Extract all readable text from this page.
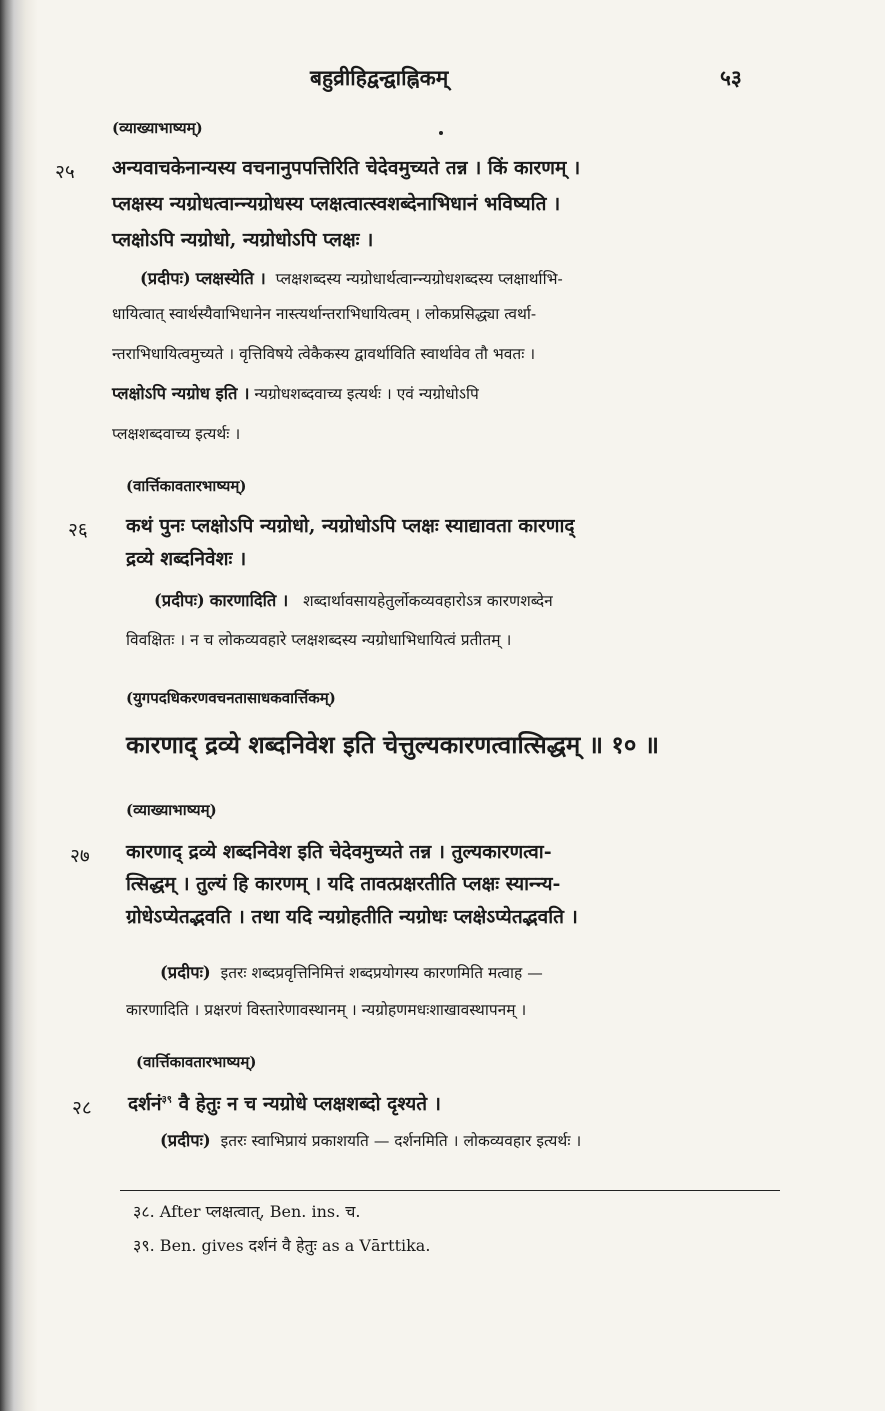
बहुव्रीहिद्वन्द्वाह्निकम्	५३
(व्याख्याभाष्यम्)
२५ अन्यवाचकेनान्यस्य वचनानुपपत्तिरिति चेदेवमुच्यते तन्न । किं कारणम् ।
प्लक्षस्य न्यग्रोधत्वान्न्यग्रोधस्य प्लक्षत्वात्स्वशब्देनाभिधानं भविष्यति ।
प्लक्षोऽपि न्यग्रोधो, न्यग्रोधोऽपि प्लक्षः ।
(प्रदीपः) प्लक्षस्येति । प्लक्षशब्दस्य न्यग्रोधार्थत्वान्न्यग्रोधशब्दस्य प्लक्षार्थाभि-
धायित्वात् स्वार्थस्यैवाभिधानेन नास्त्यर्थान्तराभिधायित्वम् । लोकप्रसिद्ध्या त्वर्था-
न्तराभिधायित्वमुच्यते । वृत्तिविषये त्वेकैकस्य द्वावर्थाविति स्वार्थावेव तौ भवतः ।
प्लक्षोऽपि न्यग्रोध इति । न्यग्रोधशब्दवाच्य इत्यर्थः । एवं न्यग्रोधोऽपि
प्लक्षशब्दवाच्य इत्यर्थः ।
(वार्त्तिकावतारभाष्यम्)
२६ कथं पुनः प्लक्षोऽपि न्यग्रोधो, न्यग्रोधोऽपि प्लक्षः स्याद्यावता कारणाद्
द्रव्ये शब्दनिवेशः ।
(प्रदीपः) कारणादिति । शब्दार्थावसायहेतुर्लोकव्यवहारोऽत्र कारणशब्देन
विवक्षितः । न च लोकव्यवहारे प्लक्षशब्दस्य न्यग्रोधाभिधायित्वं प्रतीतम् ।
(युगपदधिकरणवचनतासाधकवार्त्तिकम्)
कारणाद् द्रव्ये शब्दनिवेश इति चेत्तुल्यकारणत्वात्सिद्धम् ॥ १० ॥
(व्याख्याभाष्यम्)
२७ कारणाद् द्रव्ये शब्दनिवेश इति चेदेवमुच्यते तन्न । तुल्यकारणत्वा-
त्सिद्धम् । तुल्यं हि कारणम् । यदि तावत्प्रक्षरतीति प्लक्षः स्यान्न्य-
ग्रोधेऽप्येतद्भवति । तथा यदि न्यग्रोहतीति न्यग्रोधः प्लक्षेऽप्येतद्भवति ।
(प्रदीपः) इतरः शब्दप्रवृत्तिनिमित्तं शब्दप्रयोगस्य कारणमिति मत्वाह —
कारणादिति । प्रक्षरणं विस्तारेणावस्थानम् । न्यग्रोहणमधःशाखावस्थापनम् ।
(वार्त्तिकावतारभाष्यम्)
२८ दर्शनं$^{३९}$ वै हेतुः न च न्यग्रोधे प्लक्षशब्दो दृश्यते ।
(प्रदीपः) इतरः स्वाभिप्रायं प्रकाशयति — दर्शनमिति । लोकव्यवहार इत्यर्थः ।
३८. After प्लक्षत्वात्, Ben. ins. च.
३९. Ben. gives दर्शनं वै हेतुः as a Vārttika.
